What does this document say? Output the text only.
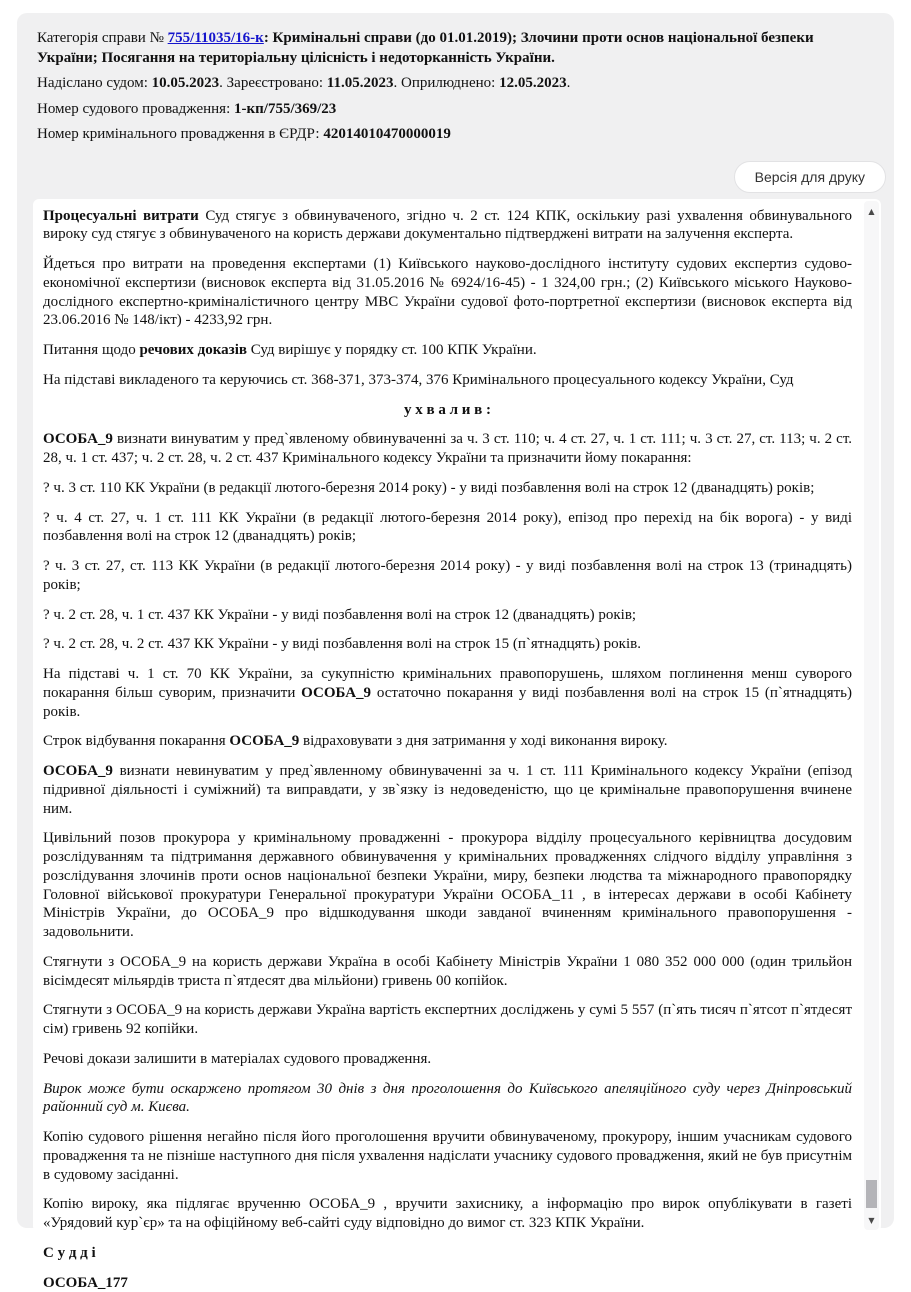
Категорія справи № 755/11035/16-к: Кримінальні справи (до 01.01.2019); Злочини проти основ національної безпеки України; Посягання на територіальну цілісність і недоторканність України.

Надіслано судом: 10.05.2023. Зареєстровано: 11.05.2023. Оприлюднено: 12.05.2023.

Номер судового провадження: 1-кп/755/369/23

Номер кримінального провадження в ЄРДР: 42014010470000019

Версія для друку

Процесуальні витрати Суд стягує з обвинуваченого, згідно ч. 2 ст. 124 КПК, оскількиу разі ухвалення обвинувального вироку суд стягує з обвинуваченого на користь держави документально підтверджені витрати на залучення експерта.

Йдеться про витрати на проведення експертами (1) Київського науково-дослідного інституту судових експертиз судово-економічної експертизи (висновок експерта від 31.05.2016 № 6924/16-45) - 1 324,00 грн.; (2) Київського міського Науково- дослідного експертно-криміналістичного центру МВС України судової фото-портретної експертизи (висновок експерта від 23.06.2016 № 148/ікт) - 4233,92 грн.

Питання щодо речових доказів Суд вирішує у порядку ст. 100 КПК України.

На підставі викладеного та керуючись ст. 368-371, 373-374, 376 Кримінального процесуального кодексу України, Суд

у х в а л и в :

ОСОБА_9 визнати винуватим у пред`явленому обвинуваченні за ч. 3 ст. 110; ч. 4 ст. 27, ч. 1 ст. 111; ч. 3 ст. 27, ст. 113; ч. 2 ст. 28, ч. 1 ст. 437; ч. 2 ст. 28, ч. 2 ст. 437 Кримінального кодексу України та призначити йому покарання:

? ч. 3 ст. 110 КК України (в редакції лютого-березня 2014 року) - у виді позбавлення волі на строк 12 (дванадцять) років;

? ч. 4 ст. 27, ч. 1 ст. 111 КК України (в редакції лютого-березня 2014 року), епізод про перехід на бік ворога) - у виді позбавлення волі на строк 12 (дванадцять) років;

? ч. 3 ст. 27, ст. 113 КК України (в редакції лютого-березня 2014 року) - у виді позбавлення волі на строк 13 (тринадцять) років;

? ч. 2 ст. 28, ч. 1 ст. 437 КК України - у виді позбавлення волі на строк 12 (дванадцять) років;

? ч. 2 ст. 28, ч. 2 ст. 437 КК України - у виді позбавлення волі на строк 15 (п`ятнадцять) років.

На підставі ч. 1 ст. 70 КК України, за сукупністю кримінальних правопорушень, шляхом поглинення менш суворого покарання більш суворим, призначити ОСОБА_9 остаточно покарання у виді позбавлення волі на строк 15 (п`ятнадцять) років.

Строк відбування покарання ОСОБА_9 відраховувати з дня затримання у ході виконання вироку.

ОСОБА_9 визнати невинуватим у пред`явленному обвинуваченні за ч. 1 ст. 111 Кримінального кодексу України (епізод підривної діяльності і суміжний) та виправдати, у зв`язку із недоведеністю, що це кримінальне правопорушення вчинене ним.

Цивільний позов прокурора у кримінальному провадженні - прокурора відділу процесуального керівництва досудовим розслідуванням та підтримання державного обвинувачення у кримінальних провадженнях слідчого відділу управління з розслідування злочинів проти основ національної безпеки України, миру, безпеки людства та міжнародного правопорядку Головної військової прокуратури Генеральної прокуратури України ОСОБА_11 , в інтересах держави в особі Кабінету Міністрів України, до ОСОБА_9 про відшкодування шкоди завданої вчиненням кримінального правопорушення - задовольнити.

Стягнути з ОСОБА_9 на користь держави Україна в особі Кабінету Міністрів України 1 080 352 000 000 (один трильйон вісімдесят мільярдів триста п`ятдесят два мільйони) гривень 00 копійок.

Стягнути з ОСОБА_9 на користь держави Україна вартість експертних досліджень у сумі 5 557 (п`ять тисяч п`ятсот п`ятдесят сім) гривень 92 копійки.

Речові докази залишити в матеріалах судового провадження.

Вирок може бути оскаржено протягом 30 днів з дня проголошення до Київського апеляційного суду через Дніпровський районний суд м. Києва.

Копію судового рішення негайно після його проголошення вручити обвинуваченому, прокурору, іншим учасникам судового провадження та не пізніше наступного дня після ухвалення надіслати учаснику судового провадження, який не був присутнім в судовому засіданні.

Копію вироку, яка підлягає врученню ОСОБА_9 , вручити захиснику, а інформацію про вирок опублікувати в газеті «Урядовий кур`єр» та на офіційному веб-сайті суду відповідно до вимог ст. 323 КПК України.

С у д д і

ОСОБА_177

▲
▼
